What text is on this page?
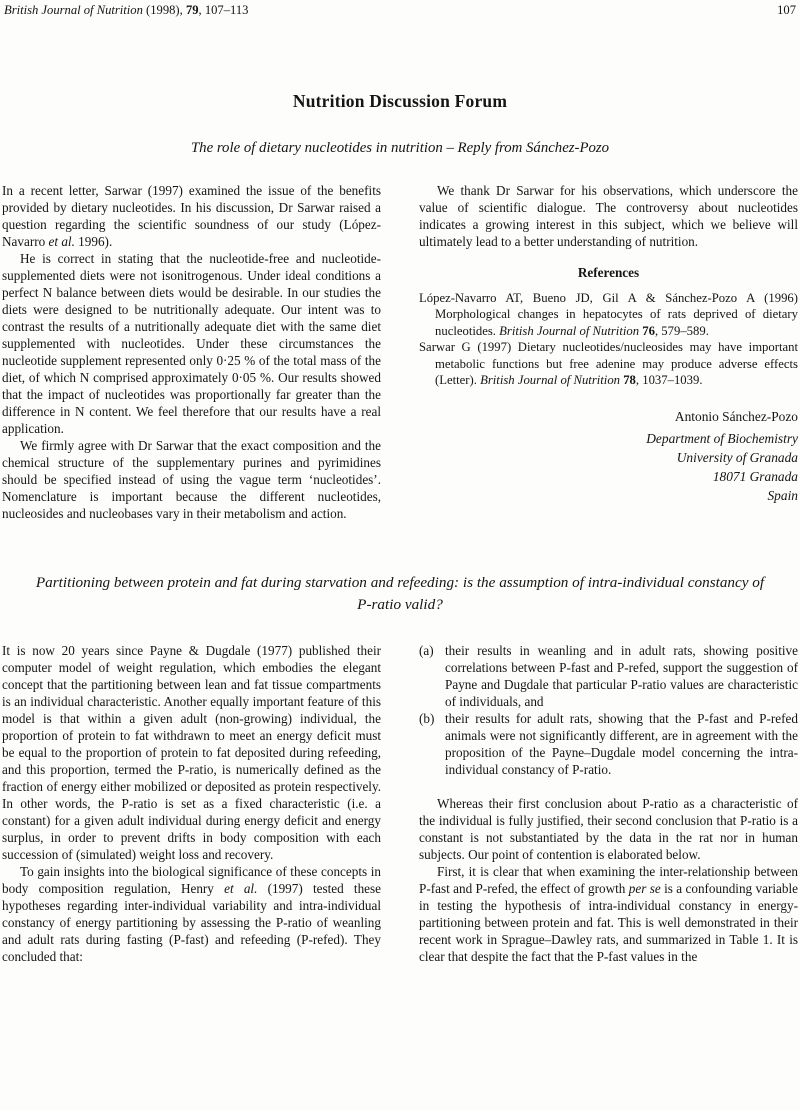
British Journal of Nutrition (1998), 79, 107–113	107
Nutrition Discussion Forum
The role of dietary nucleotides in nutrition – Reply from Sánchez-Pozo

In a recent letter, Sarwar (1997) examined the issue of the benefits provided by dietary nucleotides. In his discussion, Dr Sarwar raised a question regarding the scientific soundness of our study (López-Navarro et al. 1996).

He is correct in stating that the nucleotide-free and nucleotide-supplemented diets were not isonitrogenous. Under ideal conditions a perfect N balance between diets would be desirable. In our studies the diets were designed to be nutritionally adequate. Our intent was to contrast the results of a nutritionally adequate diet with the same diet supplemented with nucleotides. Under these circumstances the nucleotide supplement represented only 0·25 % of the total mass of the diet, of which N comprised approximately 0·05 %. Our results showed that the impact of nucleotides was proportionally far greater than the difference in N content. We feel therefore that our results have a real application.

We firmly agree with Dr Sarwar that the exact composition and the chemical structure of the supplementary purines and pyrimidines should be specified instead of using the vague term ‘nucleotides’. Nomenclature is important because the different nucleotides, nucleosides and nucleobases vary in their metabolism and action.

We thank Dr Sarwar for his observations, which underscore the value of scientific dialogue. The controversy about nucleotides indicates a growing interest in this subject, which we believe will ultimately lead to a better understanding of nutrition.

References

López-Navarro AT, Bueno JD, Gil A & Sánchez-Pozo A (1996) Morphological changes in hepatocytes of rats deprived of dietary nucleotides. British Journal of Nutrition 76, 579–589.

Sarwar G (1997) Dietary nucleotides/nucleosides may have important metabolic functions but free adenine may produce adverse effects (Letter). British Journal of Nutrition 78, 1037–1039.

Antonio Sánchez-Pozo
Department of Biochemistry
University of Granada
18071 Granada
Spain
Partitioning between protein and fat during starvation and refeeding: is the assumption of intra-individual constancy of P-ratio valid?

It is now 20 years since Payne & Dugdale (1977) published their computer model of weight regulation, which embodies the elegant concept that the partitioning between lean and fat tissue compartments is an individual characteristic. Another equally important feature of this model is that within a given adult (non-growing) individual, the proportion of protein to fat withdrawn to meet an energy deficit must be equal to the proportion of protein to fat deposited during refeeding, and this proportion, termed the P-ratio, is numerically defined as the fraction of energy either mobilized or deposited as protein respectively. In other words, the P-ratio is set as a fixed characteristic (i.e. a constant) for a given adult individual during energy deficit and energy surplus, in order to prevent drifts in body composition with each succession of (simulated) weight loss and recovery.

To gain insights into the biological significance of these concepts in body composition regulation, Henry et al. (1997) tested these hypotheses regarding inter-individual variability and intra-individual constancy of energy partitioning by assessing the P-ratio of weanling and adult rats during fasting (P-fast) and refeeding (P-refed). They concluded that:

(a) their results in weanling and in adult rats, showing positive correlations between P-fast and P-refed, support the suggestion of Payne and Dugdale that particular P-ratio values are characteristic of individuals, and
(b) their results for adult rats, showing that the P-fast and P-refed animals were not significantly different, are in agreement with the proposition of the Payne–Dugdale model concerning the intra-individual constancy of P-ratio.

Whereas their first conclusion about P-ratio as a characteristic of the individual is fully justified, their second conclusion that P-ratio is a constant is not substantiated by the data in the rat nor in human subjects. Our point of contention is elaborated below.

First, it is clear that when examining the inter-relationship between P-fast and P-refed, the effect of growth per se is a confounding variable in testing the hypothesis of intra-individual constancy in energy-partitioning between protein and fat. This is well demonstrated in their recent work in Sprague–Dawley rats, and summarized in Table 1. It is clear that despite the fact that the P-fast values in the
